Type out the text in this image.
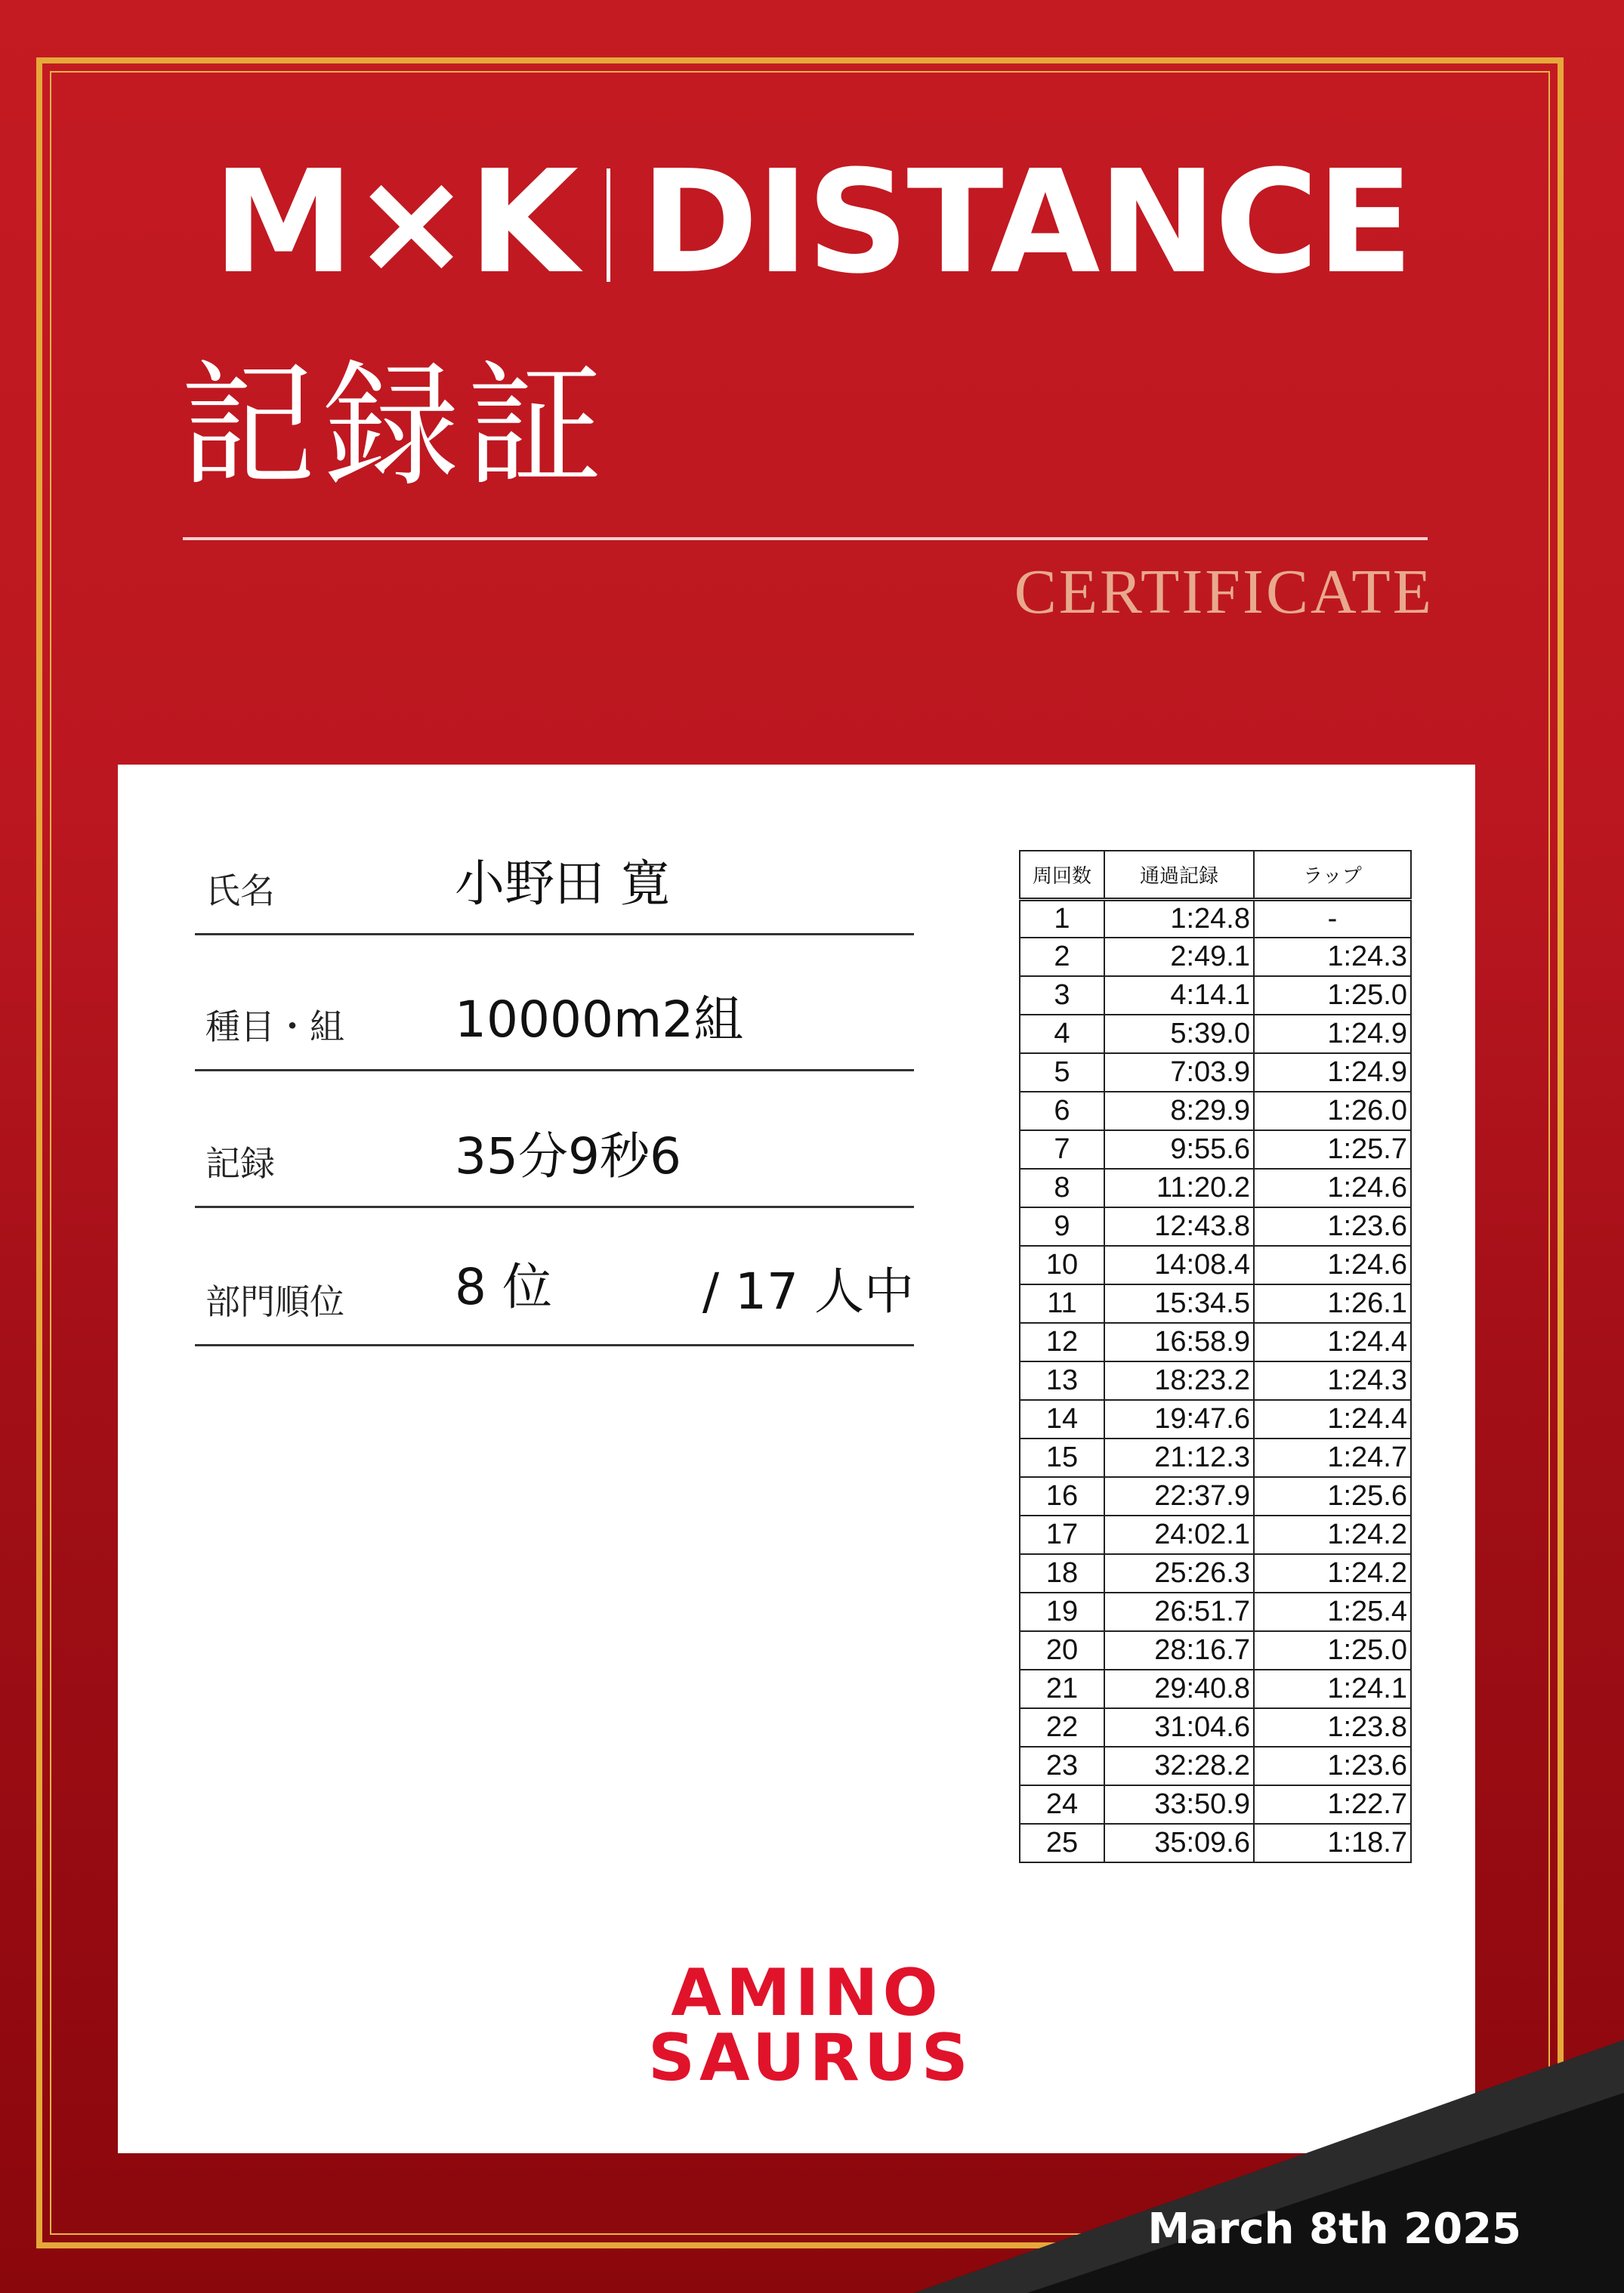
M×K DISTANCE
記録証
CERTIFICATE
氏名	小野田 寛
種目・組 10000m2組
記録	35分9秒6
部門順位 8 位	/ 17 人中
周回数	通過記録	ラップ
1	1:24.8	-
2	2:49.1	1:24.3
3	4:14.1	1:25.0
4	5:39.0	1:24.9
5	7:03.9	1:24.9
6	8:29.9	1:26.0
7	9:55.6	1:25.7
8	11:20.2	1:24.6
9	12:43.8	1:23.6
10	14:08.4	1:24.6
11	15:34.5	1:26.1
12	16:58.9	1:24.4
13	18:23.2	1:24.3
14	19:47.6	1:24.4
15	21:12.3	1:24.7
16	22:37.9	1:25.6
17	24:02.1	1:24.2
18	25:26.3	1:24.2
19	26:51.7	1:25.4
20	28:16.7	1:25.0
21	29:40.8	1:24.1
22	31:04.6	1:23.8
23	32:28.2	1:23.6
24	33:50.9	1:22.7
25	35:09.6	1:18.7
AMINO
SAURUS
March 8th 2025
